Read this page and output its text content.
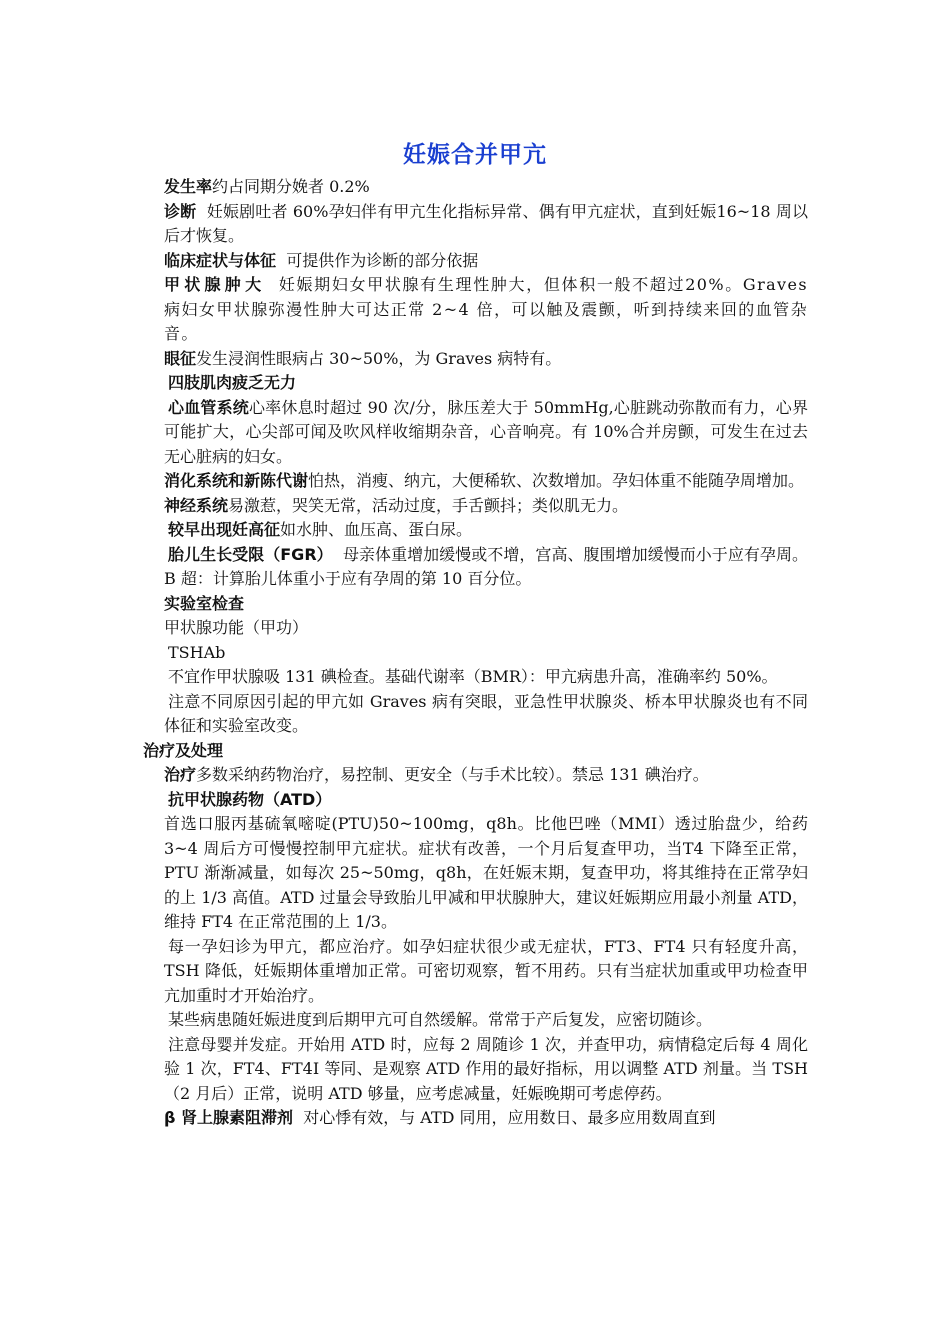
妊娠合并甲亢

发生率约占同期分娩者 0.2%

诊断  妊娠剧吐者 60%孕妇伴有甲亢生化指标异常、偶有甲亢症状，直到妊娠16~18 周以后才恢复。

临床症状与体征  可提供作为诊断的部分依据

甲状腺肿大  妊娠期妇女甲状腺有生理性肿大，但体积一般不超过20%。Graves 病妇女甲状腺弥漫性肿大可达正常 2~4 倍，可以触及震颤，听到持续来回的血管杂音。

眼征发生浸润性眼病占 30~50%，为 Graves 病特有。

四肢肌肉疲乏无力

心血管系统心率休息时超过 90 次/分，脉压差大于 50mmHg,心脏跳动弥散而有力，心界可能扩大，心尖部可闻及吹风样收缩期杂音，心音响亮。有 10%合并房颤，可发生在过去无心脏病的妇女。

消化系统和新陈代谢怕热，消瘦、纳亢，大便稀软、次数增加。孕妇体重不能随孕周增加。

神经系统易激惹，哭笑无常，活动过度，手舌颤抖；类似肌无力。

较早出现妊高征如水肿、血压高、蛋白尿。

胎儿生长受限（FGR）  母亲体重增加缓慢或不增，宫高、腹围增加缓慢而小于应有孕周。B 超：计算胎儿体重小于应有孕周的第 10 百分位。

实验室检查

甲状腺功能（甲功）

TSHAb

不宜作甲状腺吸 131 碘检查。基础代谢率（BMR）：甲亢病患升高，准确率约 50%。

注意不同原因引起的甲亢如 Graves 病有突眼，亚急性甲状腺炎、桥本甲状腺炎也有不同体征和实验室改变。

治疗及处理

治疗多数采纳药物治疗，易控制、更安全（与手术比较）。禁忌 131 碘治疗。

抗甲状腺药物（ATD）

首选口服丙基硫氧嘧啶(PTU)50~100mg，q8h。比他巴唑（MMI）透过胎盘少，给药 3~4 周后方可慢慢控制甲亢症状。症状有改善，一个月后复查甲功，当T4 下降至正常，PTU 渐渐减量，如每次 25~50mg，q8h，在妊娠末期，复查甲功，将其维持在正常孕妇的上 1/3 高值。ATD 过量会导致胎儿甲减和甲状腺肿大，建议妊娠期应用最小剂量 ATD，维持 FT4 在正常范围的上 1/3。

每一孕妇诊为甲亢，都应治疗。如孕妇症状很少或无症状，FT3、FT4 只有轻度升高，TSH 降低，妊娠期体重增加正常。可密切观察，暂不用药。只有当症状加重或甲功检查甲亢加重时才开始治疗。

某些病患随妊娠进度到后期甲亢可自然缓解。常常于产后复发，应密切随诊。

注意母婴并发症。开始用 ATD 时，应每 2 周随诊 1 次，并查甲功，病情稳定后每 4 周化验 1 次，FT4、FT4I 等同、是观察 ATD 作用的最好指标，用以调整 ATD 剂量。当 TSH（2 月后）正常，说明 ATD 够量，应考虑减量，妊娠晚期可考虑停药。

β 肾上腺素阻滞剂  对心悸有效，与 ATD 同用，应用数日、最多应用数周直到
